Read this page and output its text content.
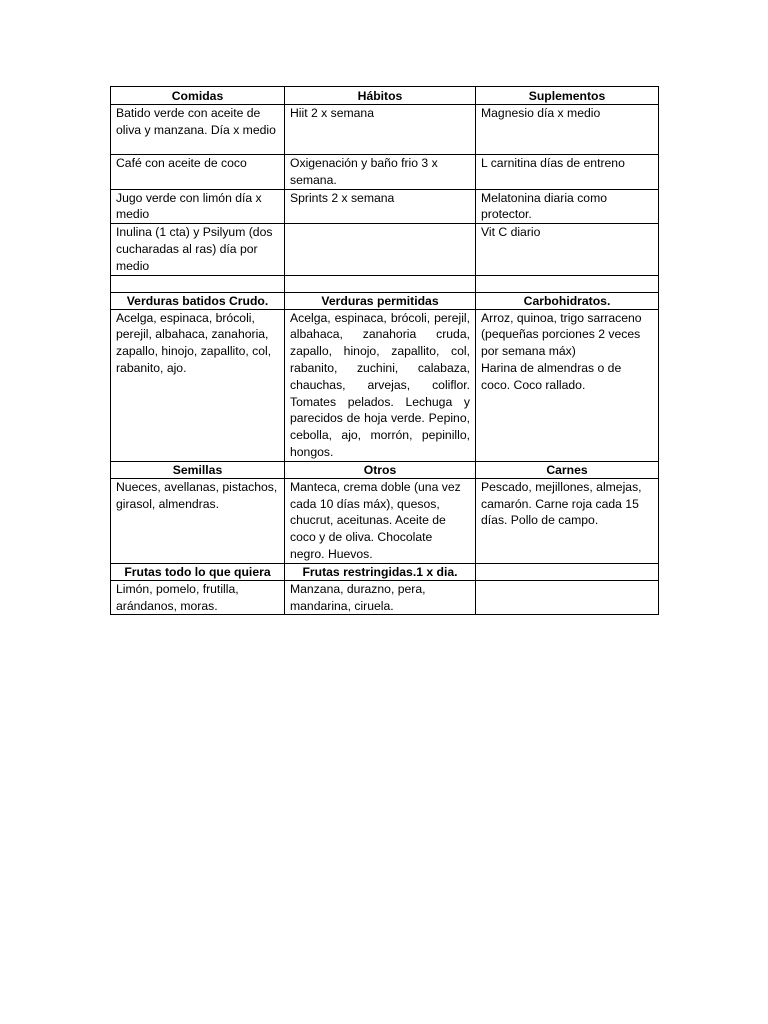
Comidas	Hábitos	Suplementos
Batido verde con aceite de oliva y manzana. Día x medio	Hiit 2 x semana	Magnesio día x medio
Café con aceite de coco	Oxigenación y baño frio 3 x semana.	L carnitina días de entreno
Jugo verde con limón día x medio	Sprints 2 x semana	Melatonina diaria como protector.
Inulina (1 cta) y Psilyum (dos cucharadas al ras) día por medio		Vit C diario

Verduras batidos Crudo.	Verduras permitidas	Carbohidratos.
Acelga, espinaca, brócoli, perejil, albahaca, zanahoria, zapallo, hinojo, zapallito, col, rabanito, ajo.	Acelga, espinaca, brócoli, perejil, albahaca, zanahoria cruda, zapallo, hinojo, zapallito, col, rabanito, zuchini, calabaza, chauchas, arvejas, coliflor. Tomates pelados. Lechuga y parecidos de hoja verde. Pepino, cebolla, ajo, morrón, pepinillo, hongos.	Arroz, quinoa, trigo sarraceno (pequeñas porciones 2 veces por semana máx)
Harina de almendras o de coco. Coco rallado.

Semillas	Otros	Carnes
Nueces, avellanas, pistachos, girasol, almendras.	Manteca, crema doble (una vez cada 10 días máx), quesos, chucrut, aceitunas. Aceite de coco y de oliva. Chocolate negro. Huevos.	Pescado, mejillones, almejas, camarón. Carne roja cada 15 días. Pollo de campo.
Frutas todo lo que quiera	Frutas restringidas.1 x dia.	
Limón, pomelo, frutilla, arándanos, moras.	Manzana, durazno, pera, mandarina, ciruela.	
